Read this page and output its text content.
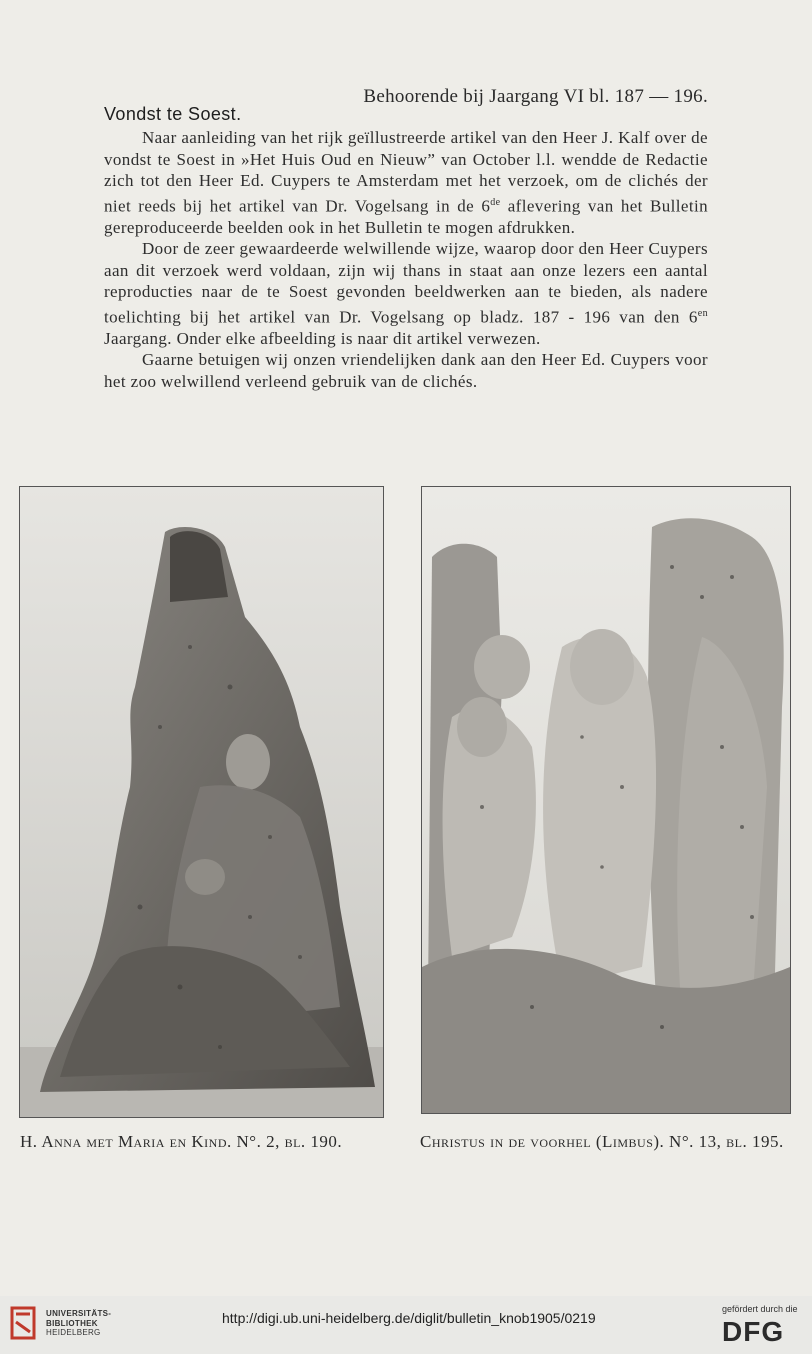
Behoorende bij Jaargang VI bl. 187 — 196.
Vondst te Soest.

Naar aanleiding van het rijk geïllustreerde artikel van den Heer J. Kalf over de vondst te Soest in »Het Huis Oud en Nieuw” van October l.l. wendde de Redactie zich tot den Heer Ed. Cuypers te Amsterdam met het verzoek, om de clichés der niet reeds bij het artikel van Dr. Vogelsang in de 6de aflevering van het Bulletin gereproduceerde beelden ook in het Bulletin te mogen afdrukken.

Door de zeer gewaardeerde welwillende wijze, waarop door den Heer Cuypers aan dit verzoek werd voldaan, zijn wij thans in staat aan onze lezers een aantal reproducties naar de te Soest gevonden beeldwerken aan te bieden, als nadere toelichting bij het artikel van Dr. Vogelsang op bladz. 187 - 196 van den $6^{en}$ Jaargang. Onder elke afbeelding is naar dit artikel verwezen.

Gaarne betuigen wij onzen vriendelijken dank aan den Heer Ed. Cuypers voor het zoo welwillend verleend gebruik van de clichés.

H. Anna met Maria en Kind. N°. 2, bl. 190.	Christus in de voorhel (Limbus). N°. 13, bl. 195.
UNIVERSITÄTS-
BIBLIOTHEK
HEIDELBERG
http://digi.ub.uni-heidelberg.de/diglit/bulletin_knob1905/0219
gefördert durch die
DFG
